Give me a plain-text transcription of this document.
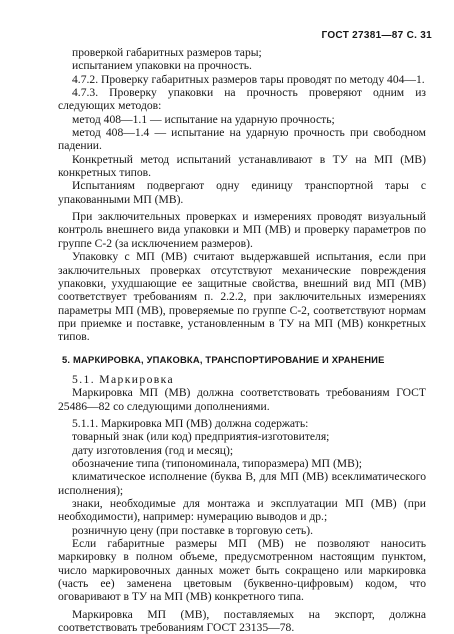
ГОСТ 27381—87 С. 31

проверкой габаритных размеров тары;

испытанием упаковки на прочность.

4.7.2. Проверку габаритных размеров тары проводят по методу 404—1.

4.7.3. Проверку упаковки на прочность проверяют одним из следующих методов:

метод 408—1.1 — испытание на ударную прочность;

метод 408—1.4 — испытание на ударную прочность при свободном падении.

Конкретный метод испытаний устанавливают в ТУ на МП (МВ) конкретных типов.

Испытаниям подвергают одну единицу транспортной тары с упакованными МП (МВ).

При заключительных проверках и измерениях проводят визуальный контроль внешнего вида упаковки и МП (МВ) и проверку параметров по группе С-2 (за исключением размеров).

Упаковку с МП (МВ) считают выдержавшей испытания, если при заключительных проверках отсутствуют механические повреждения упаковки, ухудшающие ее защитные свойства, внешний вид МП (МВ) соответствует требованиям п. 2.2.2, при заключительных измерениях параметры МП (МВ), проверяемые по группе С-2, соответствуют нормам при приемке и поставке, установленным в ТУ на МП (МВ) конкретных типов.

5. МАРКИРОВКА, УПАКОВКА, ТРАНСПОРТИРОВАНИЕ И ХРАНЕНИЕ

5.1. Маркировка

Маркировка МП (МВ) должна соответствовать требованиям ГОСТ 25486—82 со следующими дополнениями.

5.1.1. Маркировка МП (МВ) должна содержать:

товарный знак (или код) предприятия-изготовителя;

дату изготовления (год и месяц);

обозначение типа (типономинала, типоразмера) МП (МВ);

климатическое исполнение (буква В, для МП (МВ) всеклиматического исполнения);

знаки, необходимые для монтажа и эксплуатации МП (МВ) (при необходимости), например: нумерацию выводов и др.;

розничную цену (при поставке в торговую сеть).

Если габаритные размеры МП (МВ) не позволяют наносить маркировку в полном объеме, предусмотренном настоящим пунктом, число маркировочных данных может быть сокращено или маркировка (часть ее) заменена цветовым (буквенно-цифровым) кодом, что оговаривают в ТУ на МП (МВ) конкретного типа.

Маркировка МП (МВ), поставляемых на экспорт, должна соответствовать требованиям ГОСТ 23135—78.
